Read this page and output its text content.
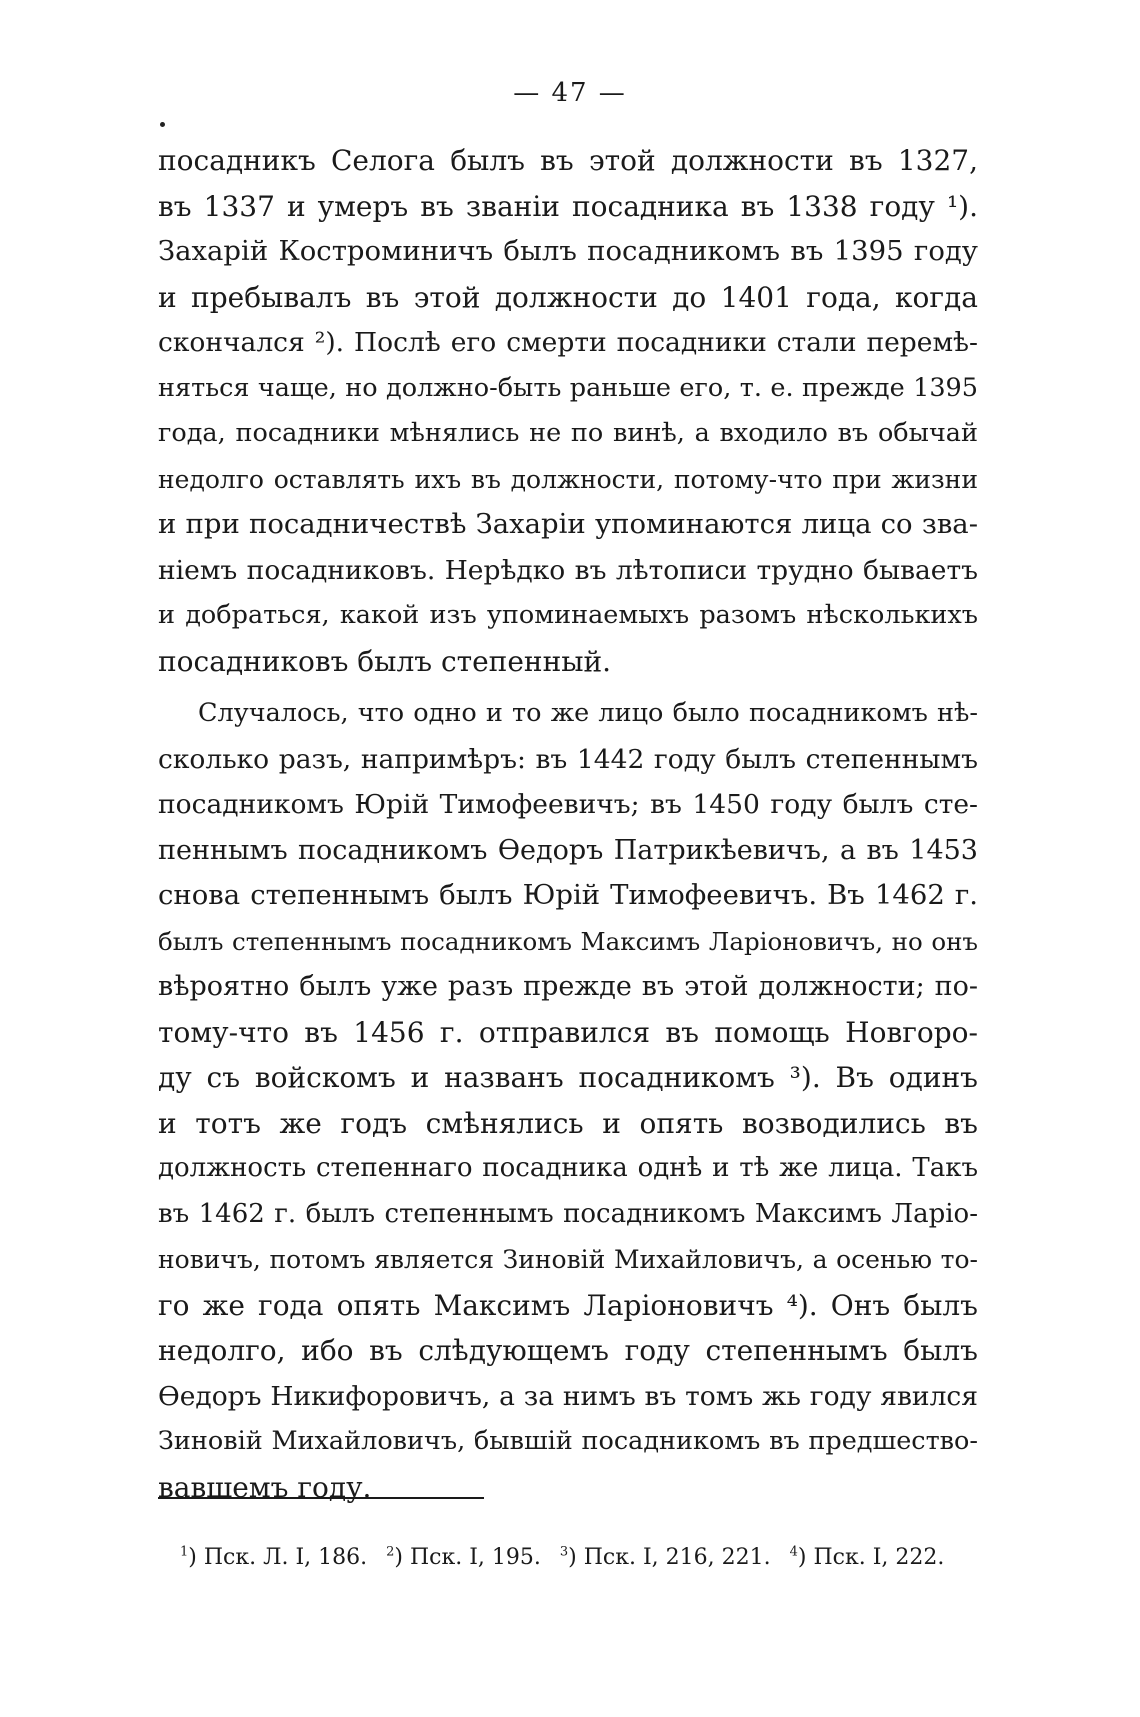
— 47 —
посадникъ Селога былъ въ этой должности въ 1327,
въ 1337 и умеръ въ званіи посадника въ 1338 году ¹).
Захарій Костроминичъ былъ посадникомъ въ 1395 году
и пребывалъ въ этой должности до 1401 года, когда
скончался ²). Послѣ его смерти посадники стали перемѣ-
няться чаще, но должно-быть раньше его, т. е. прежде 1395
года, посадники мѣнялись не по винѣ, а входило въ обычай
недолго оставлять ихъ въ должности, потому-что при жизни
и при посадничествѣ Захаріи упоминаются лица со зва-
ніемъ посадниковъ. Нерѣдко въ лѣтописи трудно бываетъ
и добраться, какой изъ упоминаемыхъ разомъ нѣсколькихъ
посадниковъ былъ степенный.
Случалось, что одно и то же лицо было посадникомъ нѣ-
сколько разъ, напримѣръ: въ 1442 году былъ степеннымъ
посадникомъ Юрій Тимофеевичъ; въ 1450 году былъ сте-
пеннымъ посадникомъ Ѳедоръ Патрикѣевичъ, а въ 1453
снова степеннымъ былъ Юрій Тимофеевичъ. Въ 1462 г.
былъ степеннымъ посадникомъ Максимъ Ларіоновичъ, но онъ
вѣроятно былъ уже разъ прежде въ этой должности; по-
тому-что въ 1456 г. отправился въ помощь Новгоро-
ду съ войскомъ и названъ посадникомъ ³). Въ одинъ
и тотъ же годъ смѣнялись и опять возводились въ
должность степеннаго посадника однѣ и тѣ же лица. Такъ
въ 1462 г. былъ степеннымъ посадникомъ Максимъ Ларіо-
новичъ, потомъ является Зиновій Михайловичъ, а осенью то-
го же года опять Максимъ Ларіоновичъ ⁴). Онъ былъ
недолго, ибо въ слѣдующемъ году степеннымъ былъ
Ѳедоръ Никифоровичъ, а за нимъ въ томъ жь году явился
Зиновій Михайловичъ, бывшій посадникомъ въ предшество-
вавшемъ году.
$^1$) Пск. Л. I, 186. $^2$) Пск. I, 195. $^3$) Пск. I, 216, 221. $^4$) Пск. I, 222.
